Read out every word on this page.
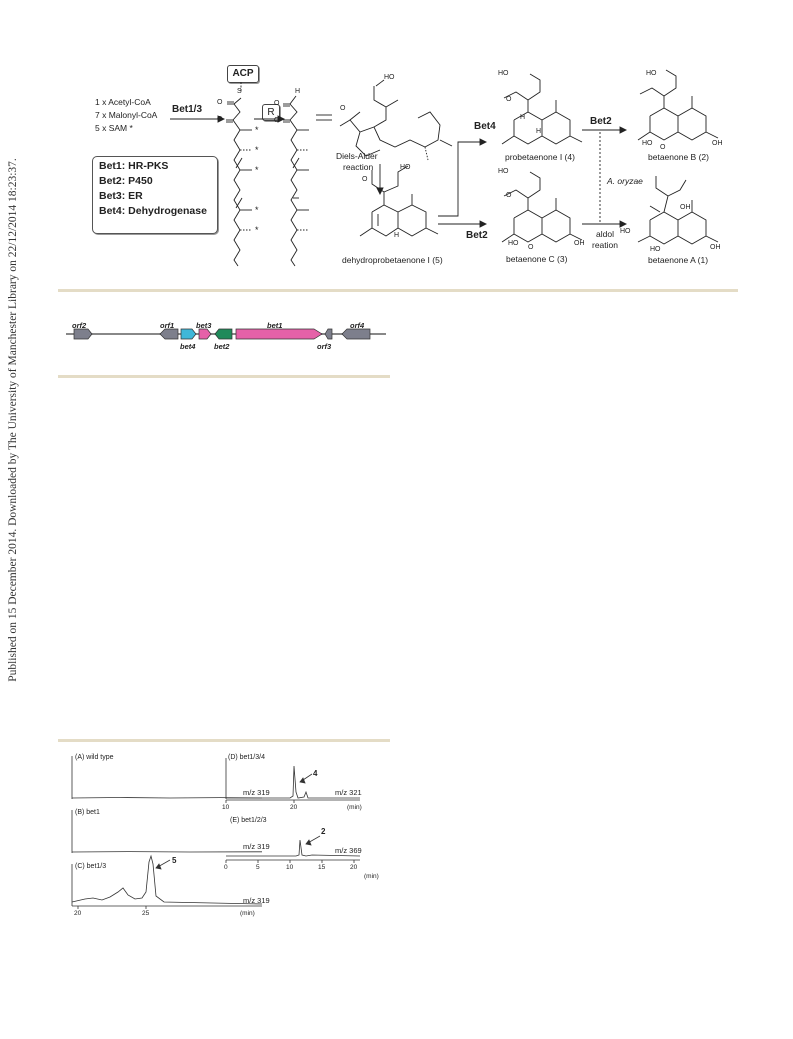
Published on 15 December 2014. Downloaded by The University of Manchester Library on 22/12/2014 18:23:37.
ACP
R
1 x Acetyl-CoA
7 x Malonyl-CoA
5 x SAM *
Bet1/3
Bet1: HR-PKS
Bet2: P450
Bet3: ER
Bet4: Dehydrogenase
HO
S
O
O
O
O
H
*
*
*
*
*
O
O
HO
H
HO
O
H
H
HO
O
HO
O
OH
HO
HO
O
OH
HO
OH
HO	OH
Diels-Alder
reaction
Bet4
Bet2
Bet2
A. oryzae
aldol
reation
dehydroprobetaenone I (5)
probetaenone I (4)
betaenone C (3)
betaenone B (2)
betaenone A (1)
orf2	orf1	bet3	bet1	orf4
bet4 bet2	orf3
(A) wild type
m/z 319
(B) bet1
m/z 319
(C) bet1/3
m/z 319
5
(D) bet1/3/4
m/z 321
4
(E) bet1/2/3
m/z 369
2
20	25	(min)
10	20	(min)
0	5	10	15	20
(min)
